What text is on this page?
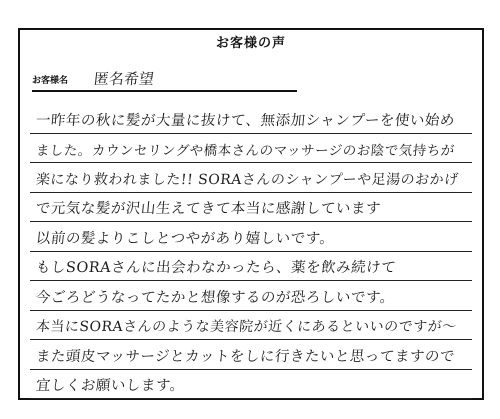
お客様の声
お客様名 匿名希望
一昨年の秋に髪が大量に抜けて、無添加シャンプーを使い始め
ました。カウンセリングや橋本さんのマッサージのお陰で気持ちが
楽になり救われました!! SORAさんのシャンプーや足湯のおかげ
で元気な髪が沢山生えてきて本当に感謝しています
以前の髪よりこしとつやがあり嬉しいです。
もしSORAさんに出会わなかったら、薬を飲み続けて
今ごろどうなってたかと想像するのが恐ろしいです。
本当にSORAさんのような美容院が近くにあるといいのですが〜
また頭皮マッサージとカットをしに行きたいと思ってますので
宜しくお願いします。
